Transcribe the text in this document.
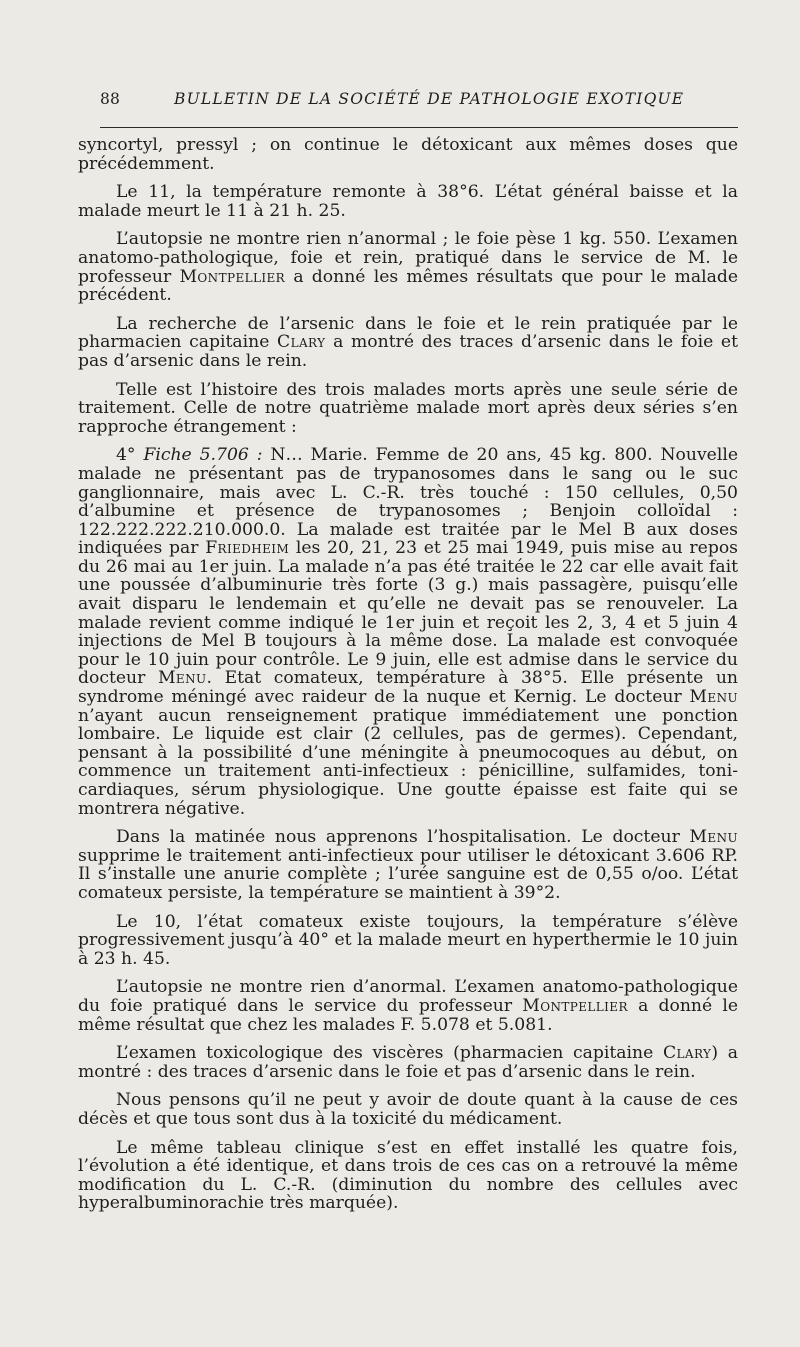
88	BULLETIN DE LA SOCIÉTÉ DE PATHOLOGIE EXOTIQUE

syncortyl, pressyl ; on continue le détoxicant aux mêmes doses que précédemment.

Le 11, la température remonte à 38°6. L’état général baisse et la malade meurt le 11 à 21 h. 25.

L’autopsie ne montre rien n’anormal ; le foie pèse 1 kg. 550. L’examen anatomo-pathologique, foie et rein, pratiqué dans le service de M. le professeur Montpellier a donné les mêmes résultats que pour le malade précédent.

La recherche de l’arsenic dans le foie et le rein pratiquée par le pharmacien capitaine Clary a montré des traces d’arsenic dans le foie et pas d’arsenic dans le rein.

Telle est l’histoire des trois malades morts après une seule série de traitement. Celle de notre quatrième malade mort après deux séries s’en rapproche étrangement :

4° Fiche 5.706 : N… Marie. Femme de 20 ans, 45 kg. 800. Nouvelle malade ne présentant pas de trypanosomes dans le sang ou le suc ganglionnaire, mais avec L. C.-R. très touché : 150 cellules, 0,50 d’albumine et présence de trypanosomes ; Benjoin colloïdal : 122.222.222.210.000.0. La malade est traitée par le Mel B aux doses indiquées par Friedheim les 20, 21, 23 et 25 mai 1949, puis mise au repos du 26 mai au 1er juin. La malade n’a pas été traitée le 22 car elle avait fait une poussée d’albuminurie très forte (3 g.) mais passagère, puisqu’elle avait disparu le lendemain et qu’elle ne devait pas se renouveler. La malade revient comme indiqué le 1er juin et reçoit les 2, 3, 4 et 5 juin 4 injections de Mel B toujours à la même dose. La malade est convoquée pour le 10 juin pour contrôle. Le 9 juin, elle est admise dans le service du docteur Menu. Etat comateux, température à 38°5. Elle présente un syndrome méningé avec raideur de la nuque et Kernig. Le docteur Menu n’ayant aucun renseignement pratique immédiatement une ponction lombaire. Le liquide est clair (2 cellules, pas de germes). Cependant, pensant à la possibilité d’une méningite à pneumocoques au début, on commence un traitement anti-infectieux : pénicilline, sulfamides, toni-cardiaques, sérum physiologique. Une goutte épaisse est faite qui se montrera négative.

Dans la matinée nous apprenons l’hospitalisation. Le docteur Menu supprime le traitement anti-infectieux pour utiliser le détoxicant 3.606 RP. Il s’installe une anurie complète ; l’urée sanguine est de 0,55 o/oo. L’état comateux persiste, la température se maintient à 39°2.

Le 10, l’état comateux existe toujours, la température s’élève progressivement jusqu’à 40° et la malade meurt en hyperthermie le 10 juin à 23 h. 45.

L’autopsie ne montre rien d’anormal. L’examen anatomo-pathologique du foie pratiqué dans le service du professeur Montpellier a donné le même résultat que chez les malades F. 5.078 et 5.081.

L’examen toxicologique des viscères (pharmacien capitaine Clary) a montré : des traces d’arsenic dans le foie et pas d’arsenic dans le rein.

Nous pensons qu’il ne peut y avoir de doute quant à la cause de ces décès et que tous sont dus à la toxicité du médicament.

Le même tableau clinique s’est en effet installé les quatre fois, l’évolution a été identique, et dans trois de ces cas on a retrouvé la même modification du L. C.-R. (diminution du nombre des cellules avec hyperalbuminorachie très marquée).
